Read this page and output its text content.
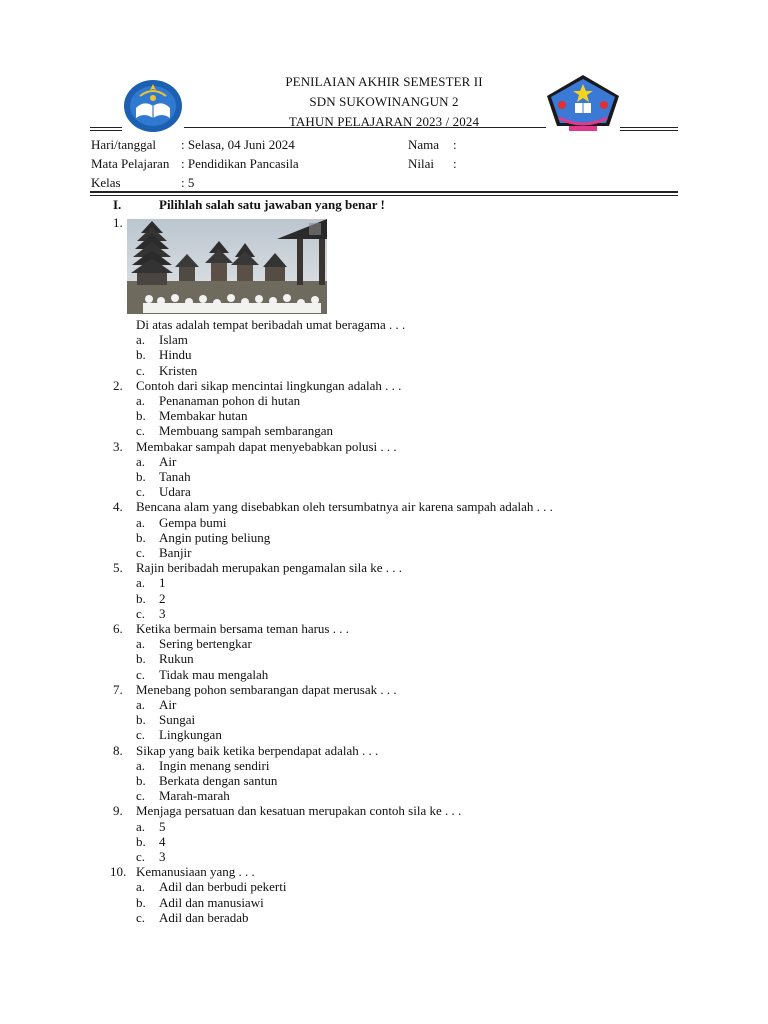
PENILAIAN AKHIR SEMESTER II
SDN SUKOWINANGUN 2
TAHUN PELAJARAN 2023 / 2024
Hari/tanggal : Selasa, 04 Juni 2024	Nama :
Mata Pelajaran : Pendidikan Pancasila	Nilai :
Kelas	: 5
I.	Pilihlah salah satu jawaban yang benar !
1.
Di atas adalah tempat beribadah umat beragama . . .
a. Islam
b. Hindu
c. Kristen
2. Contoh dari sikap mencintai lingkungan adalah . . .
a. Penanaman pohon di hutan
b. Membakar hutan
c. Membuang sampah sembarangan
3. Membakar sampah dapat menyebabkan polusi . . .
a. Air
b. Tanah
c. Udara
4. Bencana alam yang disebabkan oleh tersumbatnya air karena sampah adalah . . .
a. Gempa bumi
b. Angin puting beliung
c. Banjir
5. Rajin beribadah merupakan pengamalan sila ke . . .
a. 1
b. 2
c. 3
6. Ketika bermain bersama teman harus . . .
a. Sering bertengkar
b. Rukun
c. Tidak mau mengalah
7. Menebang pohon sembarangan dapat merusak . . .
a. Air
b. Sungai
c. Lingkungan
8. Sikap yang baik ketika berpendapat adalah . . .
a. Ingin menang sendiri
b. Berkata dengan santun
c. Marah-marah
9. Menjaga persatuan dan kesatuan merupakan contoh sila ke . . .
a. 5
b. 4
c. 3
10. Kemanusiaan yang . . .
a. Adil dan berbudi pekerti
b. Adil dan manusiawi
c. Adil dan beradab
